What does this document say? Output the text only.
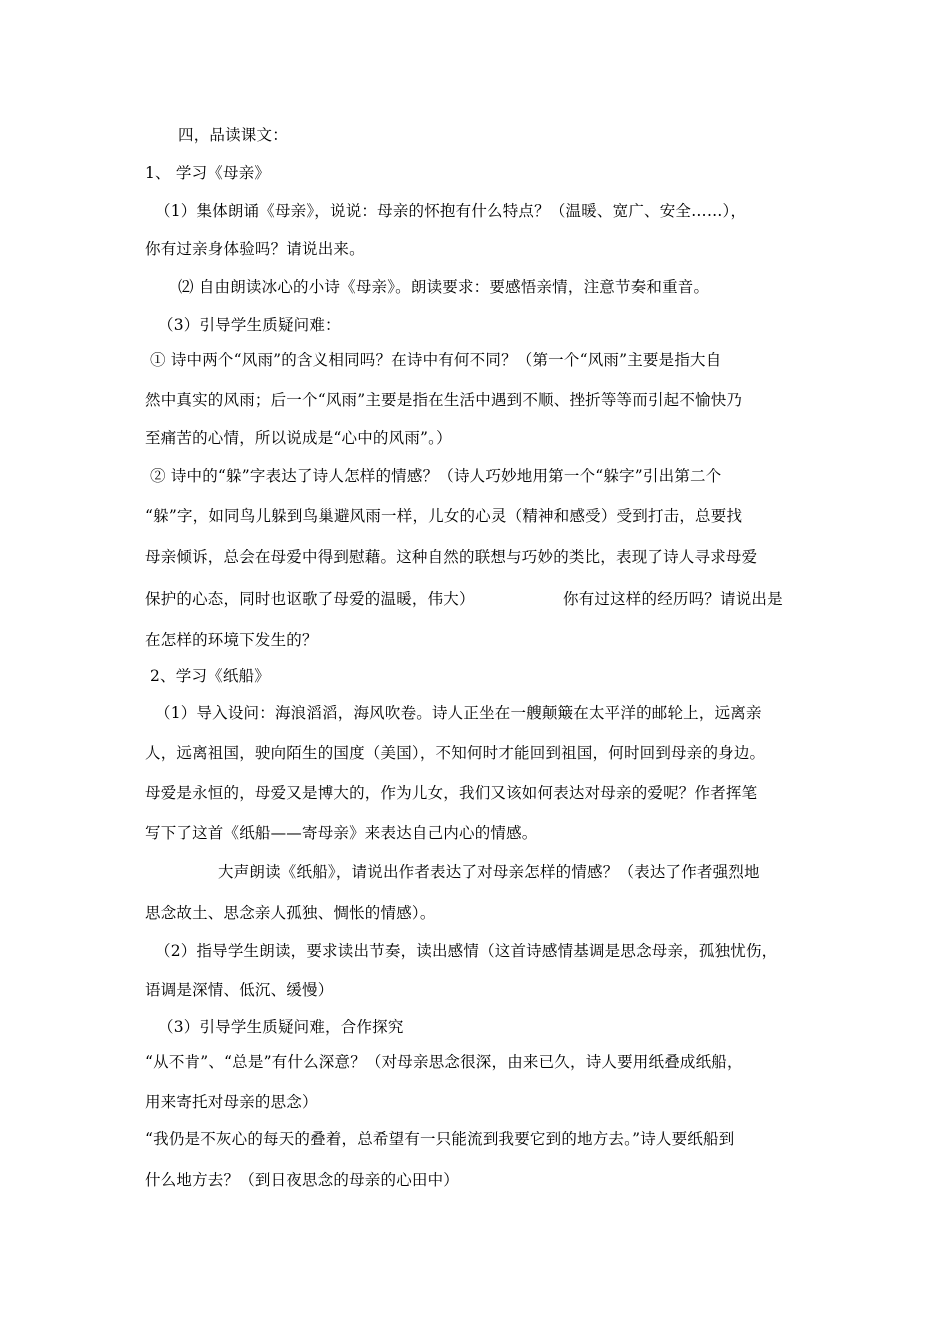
四，品读课文：
1、 学习《母亲》
（1）集体朗诵《母亲》，说说：母亲的怀抱有什么特点？（温暖、宽广、安全……），
你有过亲身体验吗？请说出来。
⑵ 自由朗读冰心的小诗《母亲》。朗读要求：要感悟亲情，注意节奏和重音。
（3）引导学生质疑问难：
① 诗中两个“风雨”的含义相同吗？在诗中有何不同？（第一个“风雨”主要是指大自
然中真实的风雨；后一个“风雨”主要是指在生活中遇到不顺、挫折等等而引起不愉快乃
至痛苦的心情，所以说成是“心中的风雨”。）
② 诗中的“躲”字表达了诗人怎样的情感？（诗人巧妙地用第一个“躲字”引出第二个
“躲”字，如同鸟儿躲到鸟巢避风雨一样，儿女的心灵（精神和感受）受到打击，总要找
母亲倾诉，总会在母爱中得到慰藉。这种自然的联想与巧妙的类比，表现了诗人寻求母爱
保护的心态，同时也讴歌了母爱的温暖，伟大）	你有过这样的经历吗？请说出是
在怎样的环境下发生的？
2、学习《纸船》
（1）导入设问：海浪滔滔，海风吹卷。诗人正坐在一艘颠簸在太平洋的邮轮上，远离亲
人，远离祖国，驶向陌生的国度（美国），不知何时才能回到祖国，何时回到母亲的身边。
母爱是永恒的，母爱又是博大的，作为儿女，我们又该如何表达对母亲的爱呢？作者挥笔
写下了这首《纸船——寄母亲》来表达自己内心的情感。
大声朗读《纸船》，请说出作者表达了对母亲怎样的情感？（表达了作者强烈地
思念故土、思念亲人孤独、惆怅的情感）。
（2）指导学生朗读，要求读出节奏，读出感情（这首诗感情基调是思念母亲，孤独忧伤，
语调是深情、低沉、缓慢）
（3）引导学生质疑问难，合作探究
“从不肯”、“总是”有什么深意？（对母亲思念很深，由来已久，诗人要用纸叠成纸船，
用来寄托对母亲的思念）
“我仍是不灰心的每天的叠着，总希望有一只能流到我要它到的地方去。”诗人要纸船到
什么地方去？（到日夜思念的母亲的心田中）
